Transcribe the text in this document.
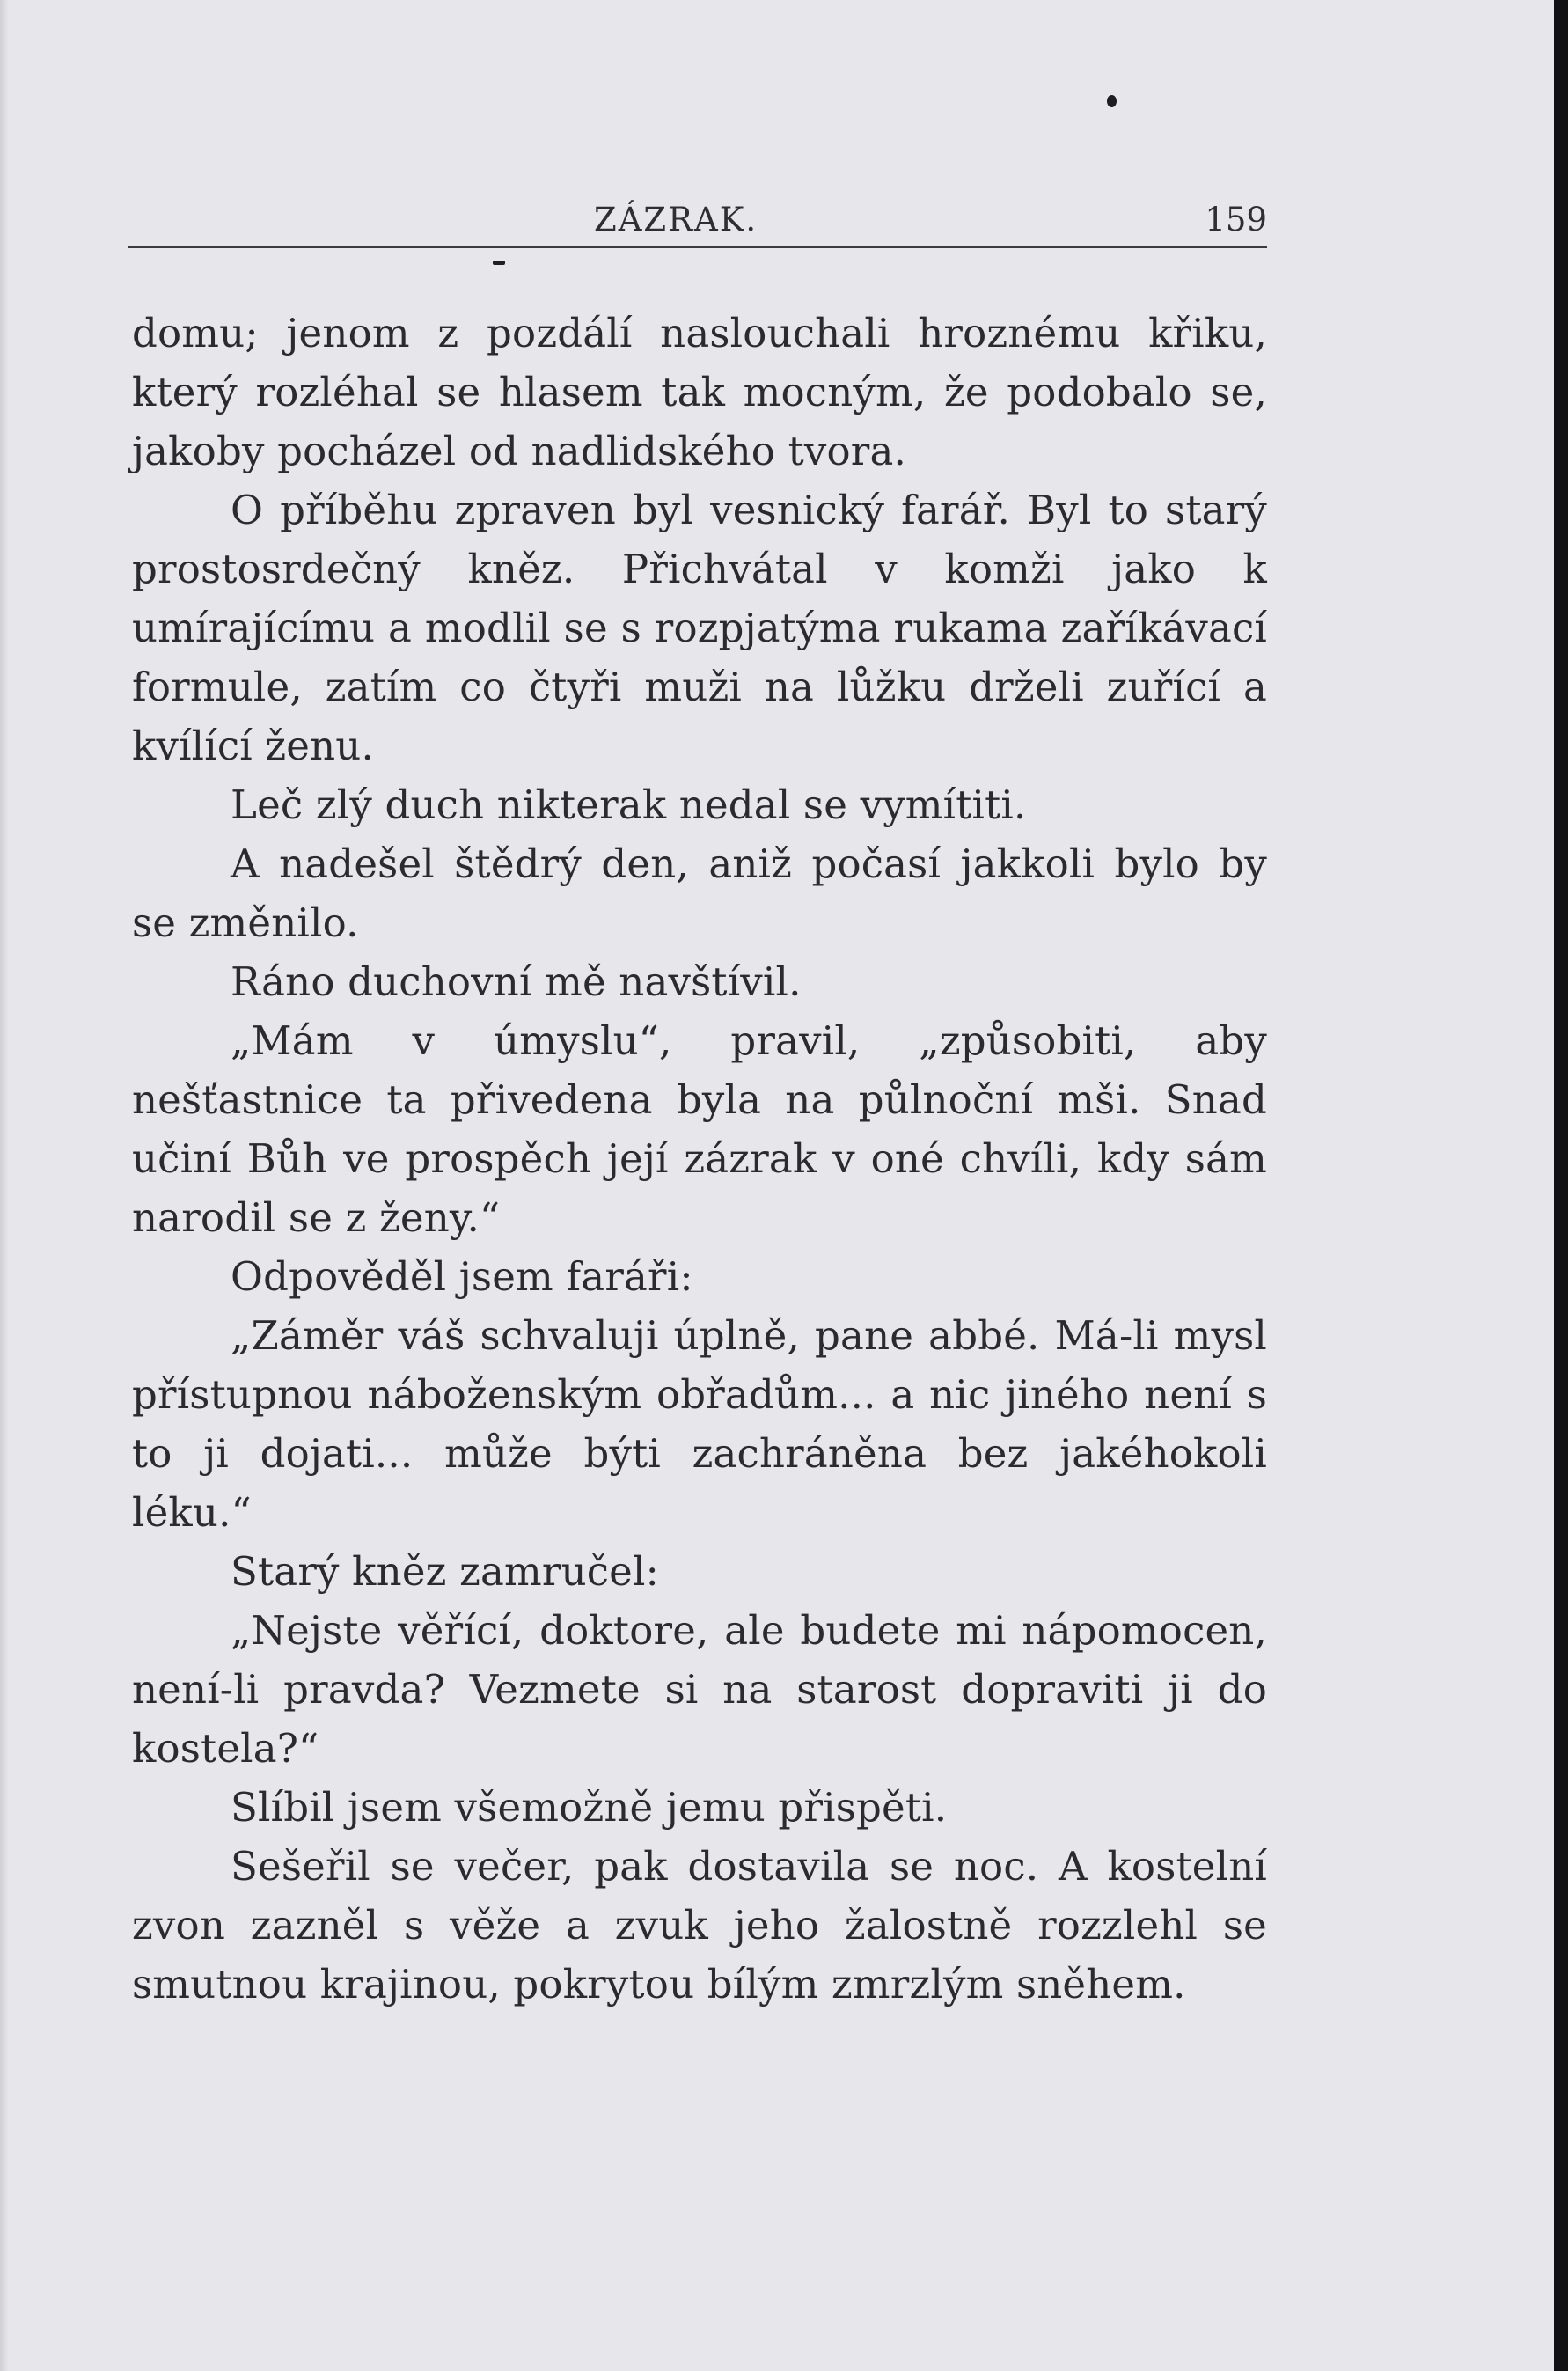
ZÁZRAK.	159

domu; jenom z pozdálí naslouchali hroznému křiku, který rozléhal se hlasem tak mocným, že podobalo se, jakoby pocházel od nadlidského tvora.

O příběhu zpraven byl vesnický farář. Byl to starý prostosrdečný kněz. Přichvátal v komži jako k umírajícímu a modlil se s rozpjatýma rukama zaříkávací formule, zatím co čtyři muži na lůžku drželi zuřící a kvílící ženu.

Leč zlý duch nikterak nedal se vymítiti.

A nadešel štědrý den, aniž počasí jakkoli bylo by se změnilo.

Ráno duchovní mě navštívil.

„Mám v úmyslu“, pravil, „způsobiti, aby nešťastnice ta přivedena byla na půlnoční mši. Snad učiní Bůh ve prospěch její zázrak v oné chvíli, kdy sám narodil se z ženy.“

Odpověděl jsem faráři:

„Záměr váš schvaluji úplně, pane abbé. Má-li mysl přístupnou náboženským obřadům... a nic jiného není s to ji dojati... může býti zachráněna bez jakéhokoli léku.“

Starý kněz zamručel:

„Nejste věřící, doktore, ale budete mi nápomocen, není-li pravda? Vezmete si na starost dopraviti ji do kostela?“

Slíbil jsem všemožně jemu přispěti.

Sešeřil se večer, pak dostavila se noc. A kostelní zvon zazněl s věže a zvuk jeho žalostně rozzlehl se smutnou krajinou, pokrytou bílým zmrzlým sněhem.
